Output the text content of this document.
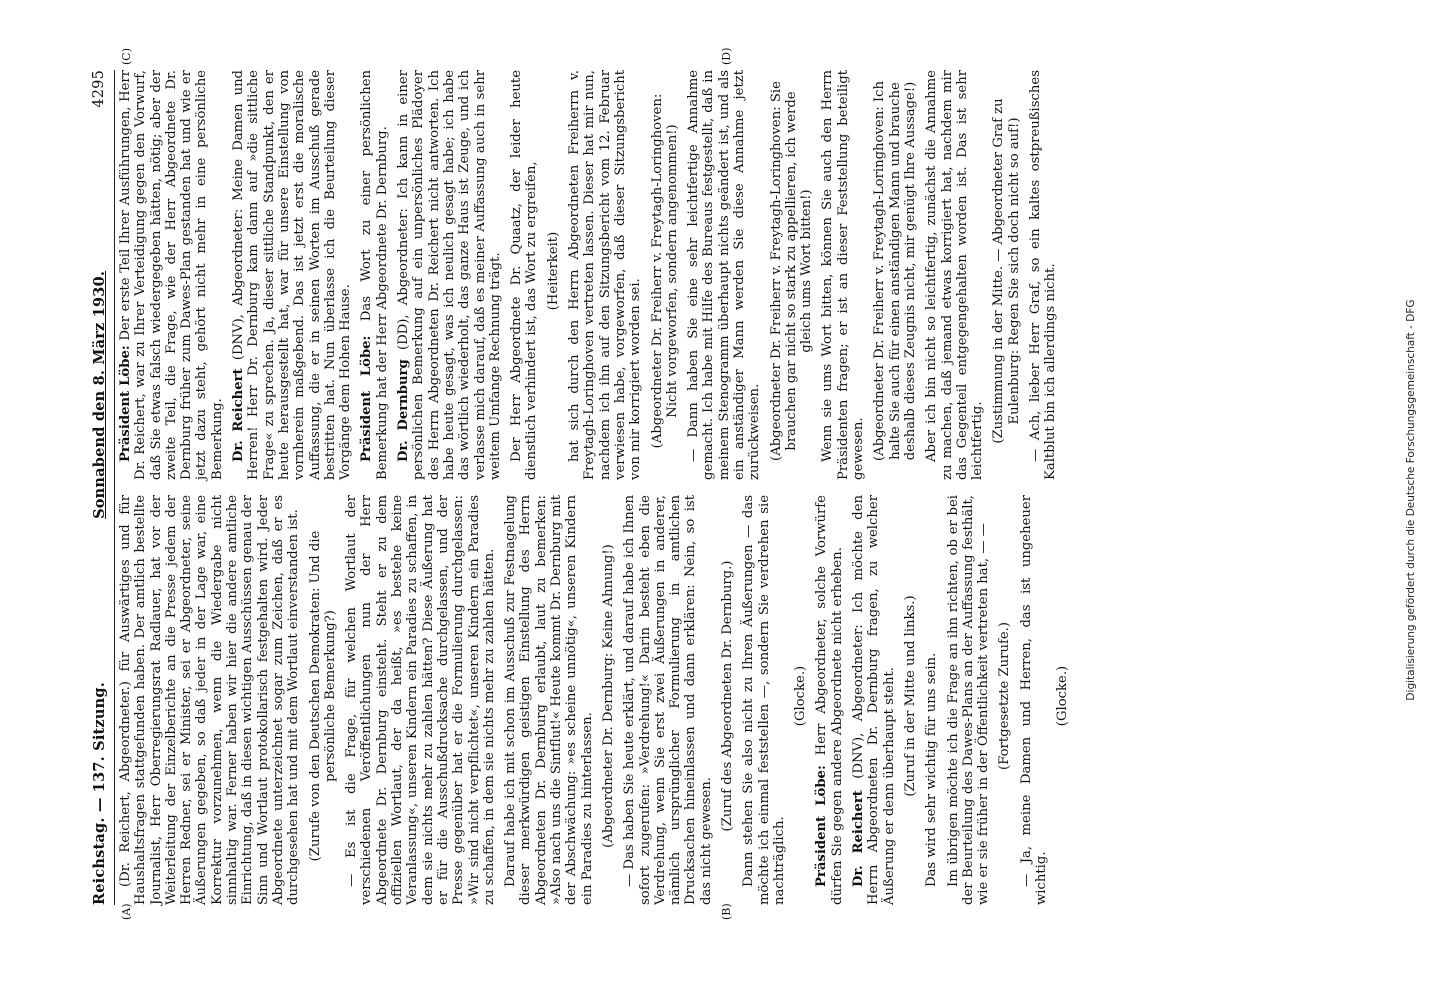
Reichstag. — 137. Sitzung.
Sonnabend den 8. März 1930.
4295
(A)	(B)
(C)	(D)

(Dr. Reichert, Abgeordneter.) für Auswärtiges und für Haushaltsfragen stattgefunden haben. Der amtlich bestellte Journalist, Herr Oberregierungsrat Radlauer, hat vor der Weiterleitung der Einzelberichte an die Presse jedem der Herren Redner, sei er Minister, sei er Abgeordneter, seine Äußerungen gegeben, so daß jeder in der Lage war, eine Korrektur vorzunehmen, wenn die Wiedergabe nicht sinnhaltig war. Ferner haben wir hier die andere amtliche Einrichtung, daß in diesen wichtigen Ausschüssen genau der Sinn und Wortlaut protokollarisch festgehalten wird. Jeder Abgeordnete unterzeichnet sogar zum Zeichen, daß er es durchgesehen hat und mit dem Wortlaut einverstanden ist. (Zurufe von den Deutschen Demokraten: Und die persönliche Bemerkung?) — Es ist die Frage, für welchen Wortlaut der verschiedenen Veröffentlichungen nun der Herr Abgeordnete Dr. Dernburg einsteht. Steht er zu dem offiziellen Wortlaut, der da heißt, »es bestehe keine Veranlassung«, unseren Kindern ein Paradies zu schaffen, in dem sie nichts mehr zu zahlen hätten? Diese Äußerung hat er für die Ausschußdrucksache durchgelassen, und der Presse gegenüber hat er die Formulierung durchgelassen: »Wir sind nicht verpflichtet«, unseren Kindern ein Paradies zu schaffen, in dem sie nichts mehr zu zahlen hätten. Darauf habe ich mit schon im Ausschuß zur Festnagelung dieser merkwürdigen geistigen Einstellung des Herrn Abgeordneten Dr. Dernburg erlaubt, laut zu bemerken: »Also nach uns die Sintflut!« Heute kommt Dr. Dernburg mit der Abschwächung: »es scheine unnötig«, unseren Kindern ein Paradies zu hinterlassen. (Abgeordneter Dr. Dernburg: Keine Ahnung!) — Das haben Sie heute erklärt, und darauf habe ich Ihnen sofort zugerufen: »Verdrehung!« Darin besteht eben die Verdrehung, wenn Sie erst zwei Äußerungen in anderer, nämlich ursprünglicher Formulierung in amtlichen Drucksachen hineinlassen und dann erklären: Nein, so ist das nicht gewesen.

(Zuruf des Abgeordneten Dr. Dernburg.) Dann stehen Sie also nicht zu Ihren Äußerungen — das möchte ich einmal feststellen —, sondern Sie verdrehen sie nachträglich.

(Glocke.)

Präsident Löbe: Herr Abgeordneter, solche Vorwürfe dürfen Sie gegen andere Abgeordnete nicht erheben. Dr. Reichert (DNV), Abgeordneter: Ich möchte den Herrn Abgeordneten Dr. Dernburg fragen, zu welcher Äußerung er denn überhaupt steht. (Zuruf in der Mitte und links.) Das wird sehr wichtig für uns sein. Im übrigen möchte ich die Frage an ihn richten, ob er bei der Beurteilung des Dawes-Plans an der Auffassung festhält, wie er sie früher in der Öffentlichkeit vertreten hat, — — (Fortgesetzte Zurufe.) — Ja, meine Damen und Herren, das ist ungeheuer wichtig.

(Glocke.)

Präsident Löbe: Der erste Teil Ihrer Ausführungen, Herr Dr. Reichert, war zu Ihrer Verteidigung gegen den Vorwurf, daß Sie etwas falsch wiedergegeben hätten, nötig; aber der zweite Teil, die Frage, wie der Herr Abgeordnete Dr. Dernburg früher zum Dawes-Plan gestanden hat und wie er jetzt dazu steht, gehört nicht mehr in eine persönliche Bemerkung. Dr. Reichert (DNV), Abgeordneter: Meine Damen und Herren! Herr Dr. Dernburg kam dann auf »die sittliche Frage« zu sprechen. Ja, dieser sittliche Standpunkt, den er heute herausgestellt hat, war für unsere Einstellung von vornherein maßgebend. Das ist jetzt erst die moralische Auffassung, die er in seinen Worten im Ausschuß gerade bestritten hat. Nun überlasse ich die Beurteilung dieser Vorgänge dem Hohen Hause. Präsident Löbe: Das Wort zu einer persönlichen Bemerkung hat der Herr Abgeordnete Dr. Dernburg. Dr. Dernburg (DD), Abgeordneter: Ich kann in einer persönlichen Bemerkung auf ein unpersönliches Plädoyer des Herrn Abgeordneten Dr. Reichert nicht antworten. Ich habe heute gesagt, was ich neulich gesagt habe; ich habe das wörtlich wiederholt, das ganze Haus ist Zeuge, und ich verlasse mich darauf, daß es meiner Auffassung auch in sehr weitem Umfange Rechnung trägt. Der Herr Abgeordnete Dr. Quaatz, der leider heute dienstlich verhindert ist, das Wort zu ergreifen, (Heiterkeit) hat sich durch den Herrn Abgeordneten Freiherrn v. Freytagh-Loringhoven vertreten lassen. Dieser hat mir nun, nachdem ich ihn auf den Sitzungsbericht vom 12. Februar verwiesen habe, vorgeworfen, daß dieser Sitzungsbericht von mir korrigiert worden sei. (Abgeordneter Dr. Freiherr v. Freytagh-Loringhoven: Nicht vorgeworfen, sondern angenommen!) — Dann haben Sie eine sehr leichtfertige Annahme gemacht. Ich habe mit Hilfe des Bureaus festgestellt, daß in meinem Stenogramm überhaupt nichts geändert ist, und als ein anständiger Mann werden Sie diese Annahme jetzt zurückweisen. (Abgeordneter Dr. Freiherr v. Freytagh-Loringhoven: Sie brauchen gar nicht so stark zu appellieren, ich werde gleich ums Wort bitten!) Wenn sie ums Wort bitten, können Sie auch den Herrn Präsidenten fragen; er ist an dieser Feststellung beteiligt gewesen. (Abgeordneter Dr. Freiherr v. Freytagh-Loringhoven: Ich halte Sie auch für einen anständigen Mann und brauche deshalb dieses Zeugnis nicht, mir genügt Ihre Aussage!) Aber ich bin nicht so leichtfertig, zunächst die Annahme zu machen, daß jemand etwas korrigiert hat, nachdem mir das Gegenteil entgegengehalten worden ist. Das ist sehr leichtfertig. (Zustimmung in der Mitte. — Abgeordneter Graf zu Eulenburg: Regen Sie sich doch nicht so auf!) — Ach, lieber Herr Graf, so ein kaltes ostpreußisches Kaltblut bin ich allerdings nicht.	Digitalisierung gefördert durch die Deutsche Forschungsgemeinschaft - DFG
